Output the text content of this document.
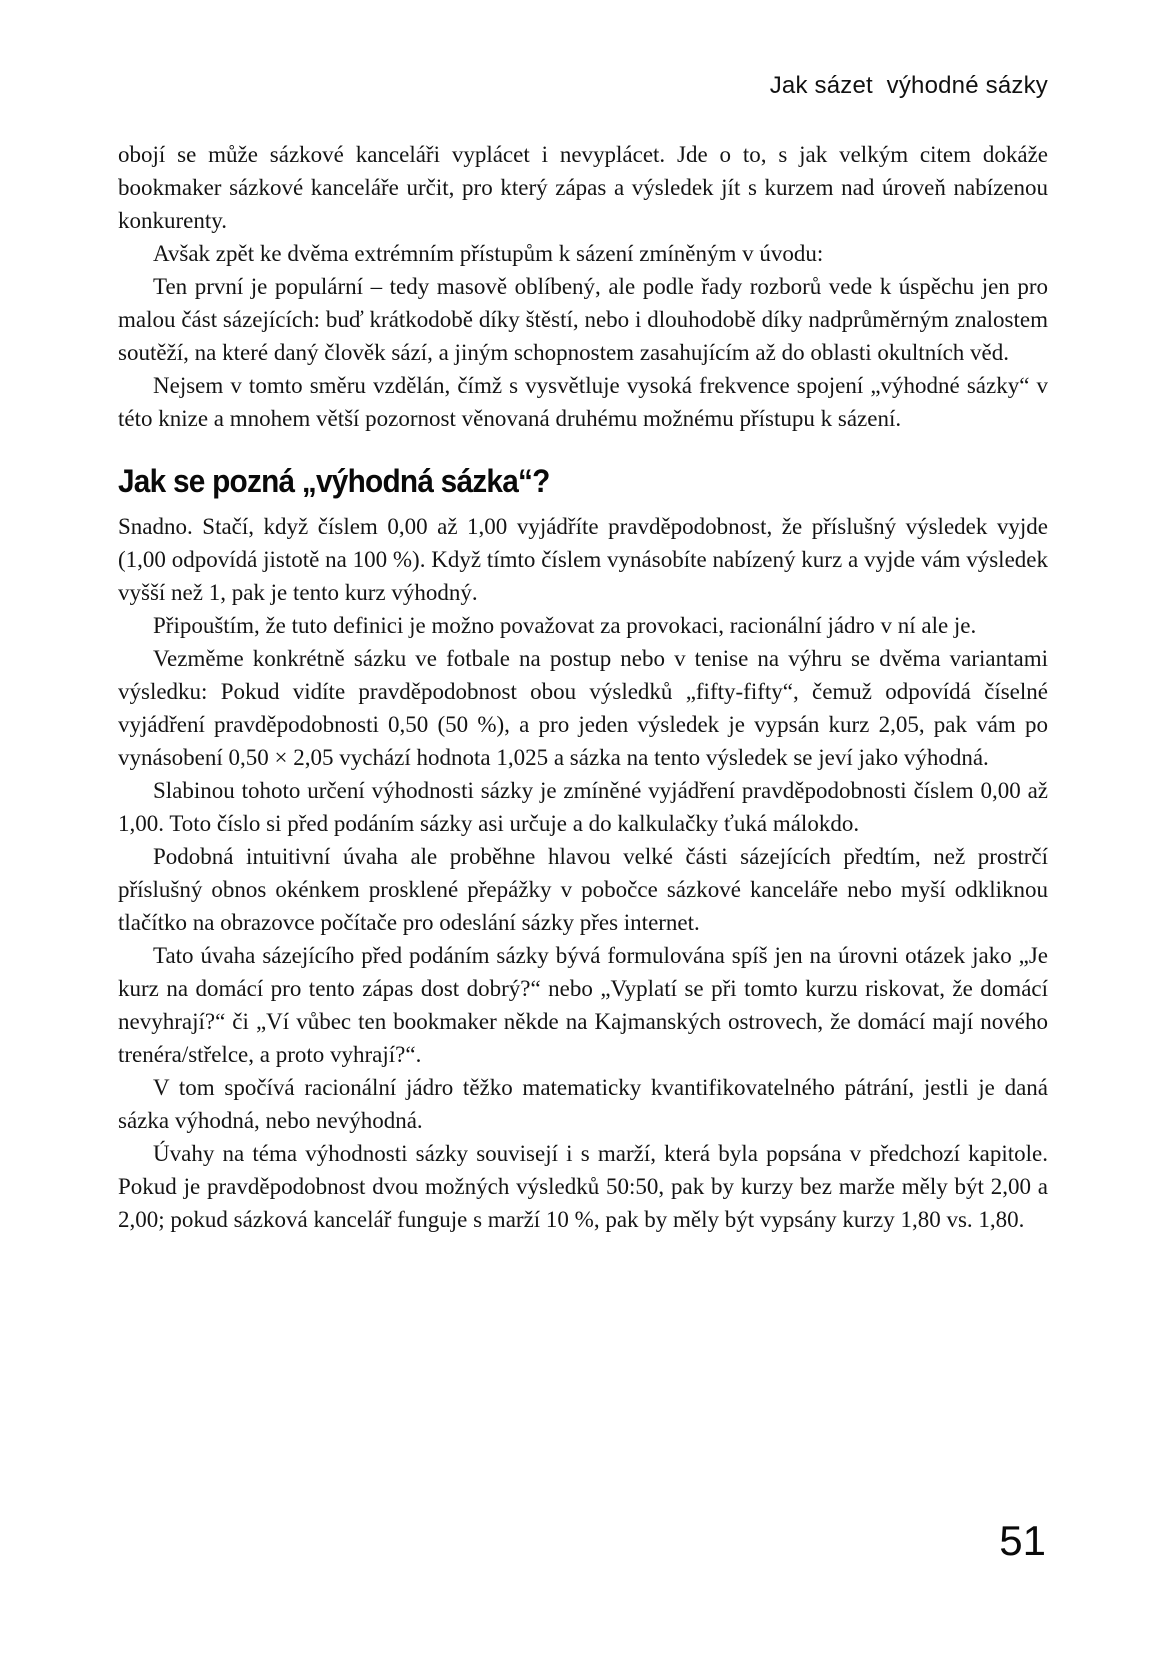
Jak sázet  výhodné sázky

obojí se může sázkové kanceláři vyplácet i nevyplácet. Jde o to, s jak velkým citem dokáže bookmaker sázkové kanceláře určit, pro který zápas a výsledek jít s kurzem nad úroveň nabízenou konkurenty.

Avšak zpět ke dvěma extrémním přístupům k sázení zmíněným v úvodu:

Ten první je populární – tedy masově oblíbený, ale podle řady rozborů vede k úspěchu jen pro malou část sázejících: buď krátkodobě díky štěstí, nebo i dlouhodobě díky nadprůměrným znalostem soutěží, na které daný člověk sází, a jiným schopnostem zasahujícím až do oblasti okultních věd.

Nejsem v tomto směru vzdělán, čímž s vysvětluje vysoká frekvence spojení „výhodné sázky“ v této knize a mnohem větší pozornost věnovaná druhému možnému přístupu k sázení.

Jak se pozná „výhodná sázka“?

Snadno. Stačí, když číslem 0,00 až 1,00 vyjádříte pravděpodobnost, že příslušný výsledek vyjde (1,00 odpovídá jistotě na 100 %). Když tímto číslem vynásobíte nabízený kurz a vyjde vám výsledek vyšší než 1, pak je tento kurz výhodný.

Připouštím, že tuto definici je možno považovat za provokaci, racionální jádro v ní ale je.

Vezměme konkrétně sázku ve fotbale na postup nebo v tenise na výhru se dvěma variantami výsledku: Pokud vidíte pravděpodobnost obou výsledků „fifty-fifty“, čemuž odpovídá číselné vyjádření pravděpodobnosti 0,50 (50 %), a pro jeden výsledek je vypsán kurz 2,05, pak vám po vynásobení 0,50 × 2,05 vychází hodnota 1,025 a sázka na tento výsledek se jeví jako výhodná.

Slabinou tohoto určení výhodnosti sázky je zmíněné vyjádření pravděpodobnosti číslem 0,00 až 1,00. Toto číslo si před podáním sázky asi určuje a do kalkulačky ťuká málokdo.

Podobná intuitivní úvaha ale proběhne hlavou velké části sázejících předtím, než prostrčí příslušný obnos okénkem prosklené přepážky v pobočce sázkové kanceláře nebo myší odkliknou tlačítko na obrazovce počítače pro odeslání sázky přes internet.

Tato úvaha sázejícího před podáním sázky bývá formulována spíš jen na úrovni otázek jako „Je kurz na domácí pro tento zápas dost dobrý?“ nebo „Vyplatí se při tomto kurzu riskovat, že domácí nevyhrají?“ či „Ví vůbec ten bookmaker někde na Kajmanských ostrovech, že domácí mají nového trenéra/střelce, a proto vyhrají?“.

V tom spočívá racionální jádro těžko matematicky kvantifikovatelného pátrání, jestli je daná sázka výhodná, nebo nevýhodná.

Úvahy na téma výhodnosti sázky souvisejí i s marží, která byla popsána v předchozí kapitole. Pokud je pravděpodobnost dvou možných výsledků 50:50, pak by kurzy bez marže měly být 2,00 a 2,00; pokud sázková kancelář funguje s marží 10 %, pak by měly být vypsány kurzy 1,80 vs. 1,80.

51
